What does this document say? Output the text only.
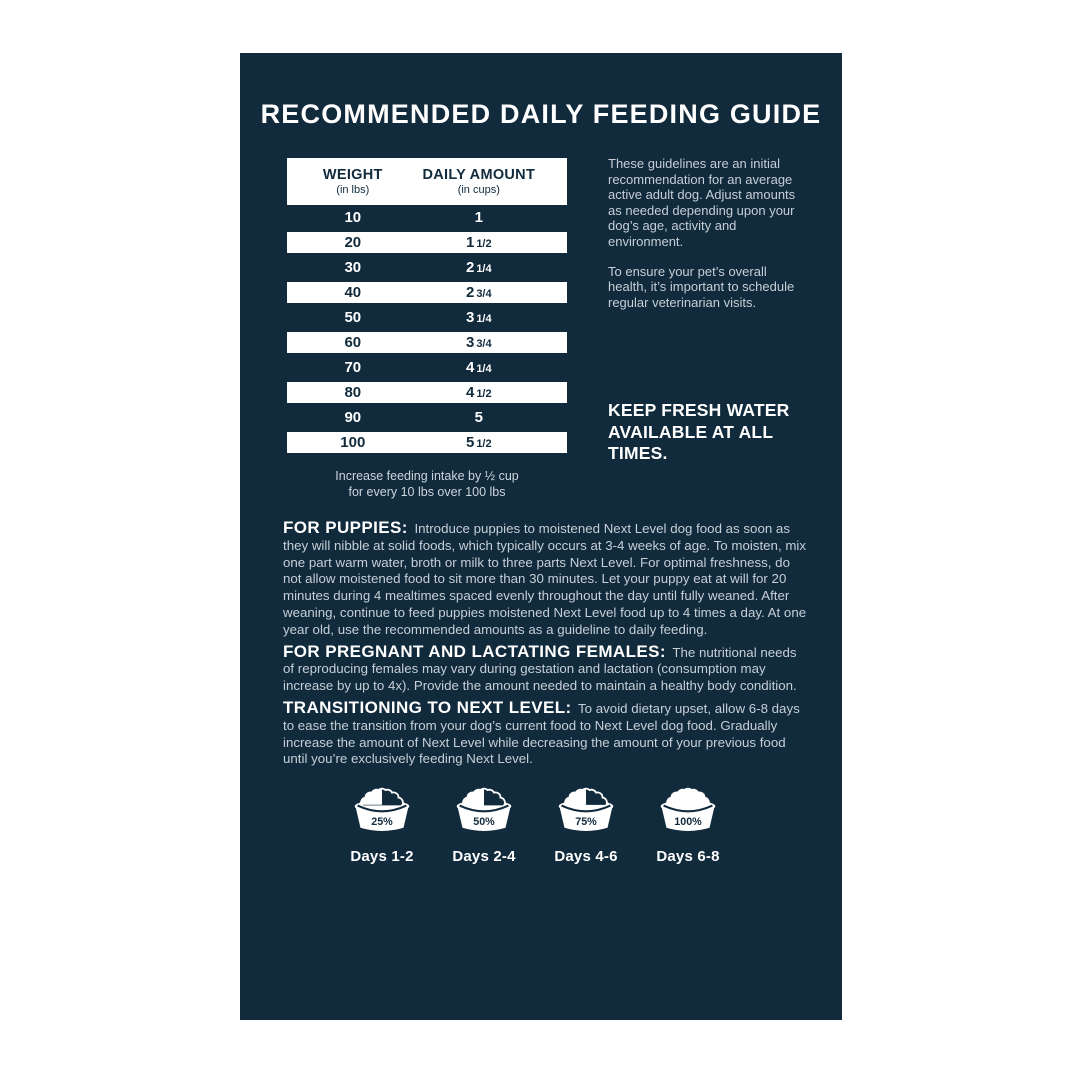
RECOMMENDED DAILY FEEDING GUIDE
WEIGHT
(in lbs)
DAILY AMOUNT
(in cups)
10	1
20	1 1/2
30	2 1/4
40	2 3/4
50	3 1/4
60	3 3/4
70	4 1/4
80	4 1/2
90	5
100	5 1/2
Increase feeding intake by ½ cup
for every 10 lbs over 100 lbs

These guidelines are an initial recommendation for an average active adult dog. Adjust amounts as needed depending upon your dog’s age, activity and environment.

To ensure your pet’s overall health, it’s important to schedule regular veterinarian visits.

KEEP FRESH WATER AVAILABLE AT ALL TIMES.

FOR PUPPIES: Introduce puppies to moistened Next Level dog food as soon as they will nibble at solid foods, which typically occurs at 3-4 weeks of age. To moisten, mix one part warm water, broth or milk to three parts Next Level. For optimal freshness, do not allow moistened food to sit more than 30 minutes. Let your puppy eat at will for 20 minutes during 4 mealtimes spaced evenly throughout the day until fully weaned. After weaning, continue to feed puppies moistened Next Level food up to 4 times a day. At one year old, use the recommended amounts as a guideline to daily feeding.

FOR PREGNANT AND LACTATING FEMALES: The nutritional needs of reproducing females may vary during gestation and lactation (consumption may increase by up to 4x). Provide the amount needed to maintain a healthy body condition.

TRANSITIONING TO NEXT LEVEL: To avoid dietary upset, allow 6-8 days to ease the transition from your dog’s current food to Next Level dog food. Gradually increase the amount of Next Level while decreasing the amount of your previous food until you’re exclusively feeding Next Level.

25%
Days 1-2
50%
Days 2-4
75%
Days 4-6
100%
Days 6-8
